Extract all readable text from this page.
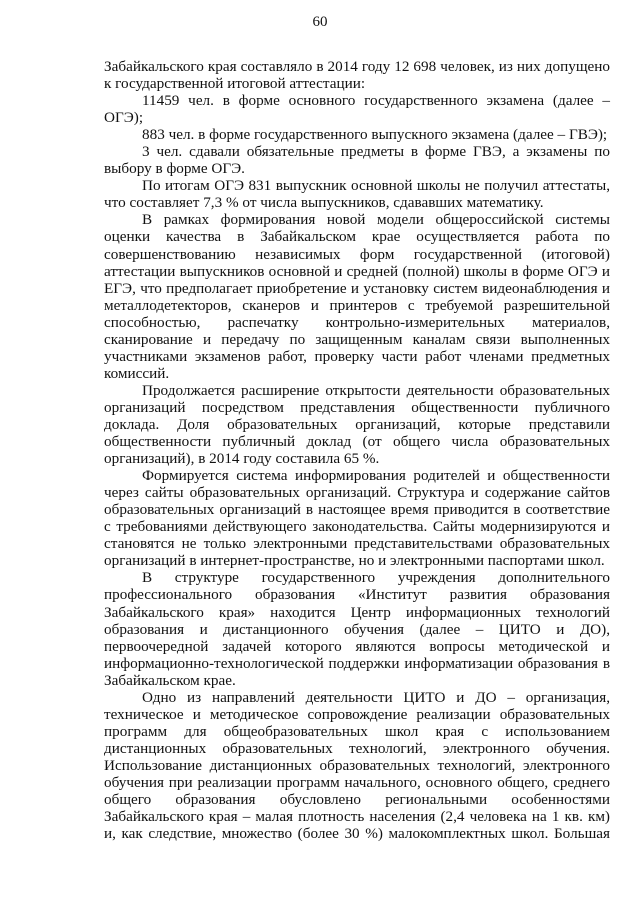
60

Забайкальского края составляло в 2014 году 12 698 человек, из них допущено к государственной итоговой аттестации:

11459 чел. в форме основного государственного экзамена (далее – ОГЭ);

883 чел. в форме государственного выпускного экзамена (далее – ГВЭ);

3 чел. сдавали обязательные предметы в форме ГВЭ, а экзамены по выбору в форме ОГЭ.

По итогам ОГЭ 831 выпускник основной школы не получил аттестаты, что составляет 7,3 % от числа выпускников, сдававших математику.

В рамках формирования новой модели общероссийской системы оценки качества в Забайкальском крае осуществляется работа по совершенствованию независимых форм государственной (итоговой) аттестации выпускников основной и средней (полной) школы в форме ОГЭ и ЕГЭ, что предполагает приобретение и установку систем видеонаблюдения и металлодетекторов, сканеров и принтеров с требуемой разрешительной способностью, распечатку контрольно-измерительных материалов, сканирование и передачу по защищенным каналам связи выполненных участниками экзаменов работ, проверку части работ членами предметных комиссий.

Продолжается расширение открытости деятельности образовательных организаций посредством представления общественности публичного доклада. Доля образовательных организаций, которые представили общественности публичный доклад (от общего числа образовательных организаций), в 2014 году составила 65 %.

Формируется система информирования родителей и общественности через сайты образовательных организаций. Структура и содержание сайтов образовательных организаций в настоящее время приводится в соответствие с требованиями действующего законодательства. Сайты модернизируются и становятся не только электронными представительствами образовательных организаций в интернет-пространстве, но и электронными паспортами школ.

В структуре государственного учреждения дополнительного профессионального образования «Институт развития образования Забайкальского края» находится Центр информационных технологий образования и дистанционного обучения (далее – ЦИТО и ДО), первоочередной задачей которого являются вопросы методической и информационно-технологической поддержки информатизации образования в Забайкальском крае.

Одно из направлений деятельности ЦИТО и ДО – организация, техническое и методическое сопровождение реализации образовательных программ для общеобразовательных школ края с использованием дистанционных образовательных технологий, электронного обучения. Использование дистанционных образовательных технологий, электронного обучения при реализации программ начального, основного общего, среднего общего образования обусловлено региональными особенностями Забайкальского края – малая плотность населения (2,4 человека на 1 кв. км) и, как следствие, множество (более 30 %) малокомплектных школ. Большая
